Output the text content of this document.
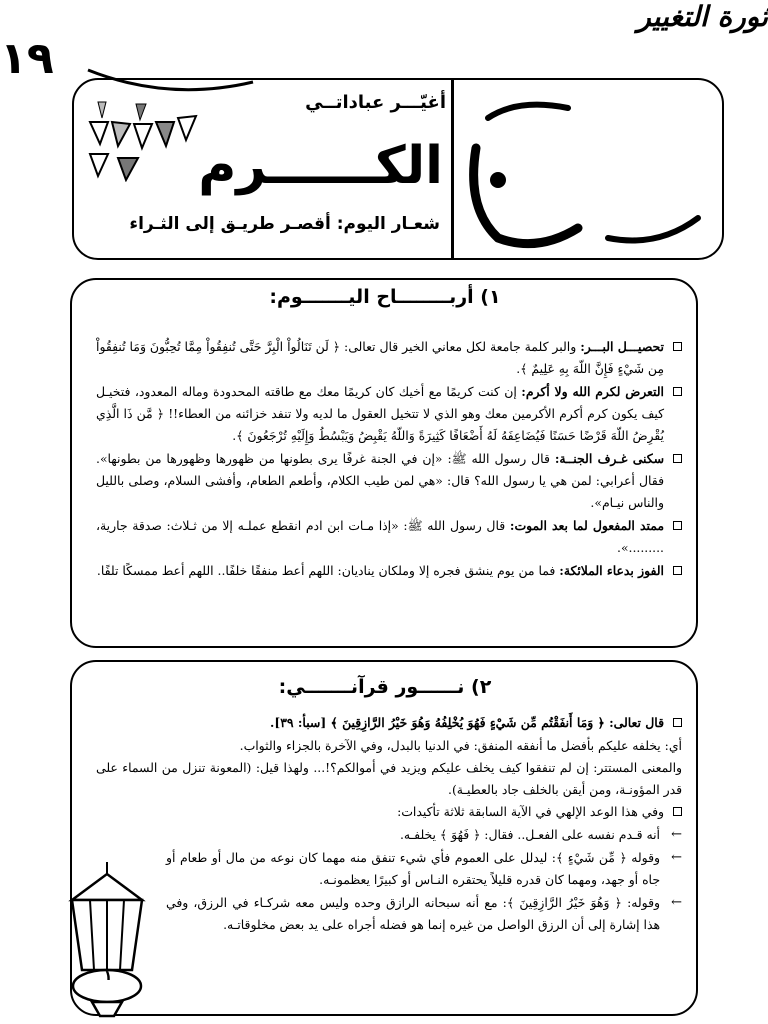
أغيّـــر عباداتــي
الكــــــرم
شعـار اليوم: أقصـر طريـق إلى الثـراء
ثورة التغيير
١٩
١) أربــــــــاح اليـــــــوم:

تحصيـــل البـــر: والبر كلمة جامعة لكل معاني الخير قال تعالى: ﴿ لَن تَنَالُواْ الْبِرَّ حَتَّى تُنفِقُواْ مِمَّا تُحِبُّونَ وَمَا تُنفِقُواْ مِن شَيْءٍ فَإِنَّ اللّهَ بِهِ عَلِيمٌ ﴾.

التعرض لكرم الله ولا أكرم: إن كنت كريمًا مع أخيك كان كريمًا معك مع طاقته المحدودة وماله المعدود، فتخيـل كيف يكون كرم أكرم الأكرمين معك وهو الذي لا تتخيل العقول ما لديه ولا تنفد خزائنه من العطاء!! ﴿ مَّن ذَا الَّذِي يُقْرِضُ اللّهَ قَرْضًا حَسَنًا فَيُضَاعِفَهُ لَهُ أَضْعَافًا كَثِيرَةً وَاللّهُ يَقْبِضُ وَيَبْسُطُ وَإِلَيْهِ تُرْجَعُونَ ﴾.

سكنى غـرف الجنــة: قال رسول الله ﷺ: «إن في الجنة غرفًا يرى بطونها من ظهورها وظهورها من بطونها». فقال أعرابي: لمن هي يا رسول الله؟ قال: «هي لمن طيب الكلام، وأطعم الطعام، وأفشى السلام، وصلى بالليل والناس نيـام».

ممتد المفعول لما بعد الموت: قال رسول الله ﷺ: «إذا مـات ابن ادم انقطع عملـه إلا من ثـلاث: صدقة جارية، .........».

الفوز بدعاء الملائكة: فما من يوم ينشق فجره إلا وملكان يناديان: اللهم أعط منفقًا خلفًا.. اللهم أعط ممسكًا تلفًا.

٢) نــــــور قرآنـــــــي:

قال تعالى: ﴿ وَمَا أَنفَقْتُم مِّن شَيْءٍ فَهُوَ يُخْلِفُهُ وَهُوَ خَيْرُ الرَّازِقِينَ ﴾ [سبأ: ٣٩].

أي: يخلفه عليكم بأفضل ما أنفقه المنفق: في الدنيا بالبدل، وفي الآخرة بالجزاء والثواب.

والمعنى المستتر: إن لم تنفقوا كيف يخلف عليكم ويزيد في أموالكم؟!... ولهذا قيل: (المعونة تنزل من السماء على قدر المؤونـة، ومن أيقن بالخلف جاد بالعطيـة).

وفي هذا الوعد الإلهي في الآية السابقة ثلاثة تأكيدات:

←
أنه قـدم نفسه على الفعـل.. فقال: ﴿ فَهُوَ ﴾ يخلفـه.

←
وقوله ﴿ مِّن شَيْءٍ ﴾: ليدلل على العموم فأي شيء تنفق منه مهما كان نوعه من مال أو طعام أو جاه أو جهد، ومهما كان قدره قليلاً يحتقره النـاس أو كبيرًا يعظمونـه.

←
وقوله: ﴿ وَهُوَ خَيْرُ الرَّازِقِينَ ﴾: مع أنه سبحانه الرازق وحده وليس معه شركـاء في الرزق، وفي هذا إشارة إلى أن الرزق الواصل من غيره إنما هو فضله أجراه على يد بعض مخلوقاتـه.

١
